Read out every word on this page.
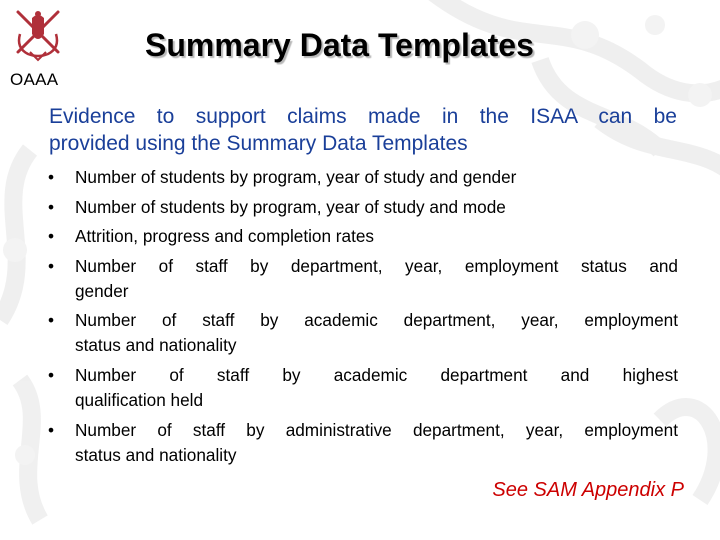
OAAA
Summary Data Templates
Evidence to support claims made in the ISAA can be
provided using the Summary Data Templates
• Number of students by program, year of study and gender
• Number of students by program, year of study and mode
• Attrition, progress and completion rates
• Number of staff by department, year, employment status and
gender
• Number of staff by academic department, year, employment
status and nationality
• Number of staff by academic department and highest
qualification held
• Number of staff by administrative department, year, employment
status and nationality
See SAM Appendix P
